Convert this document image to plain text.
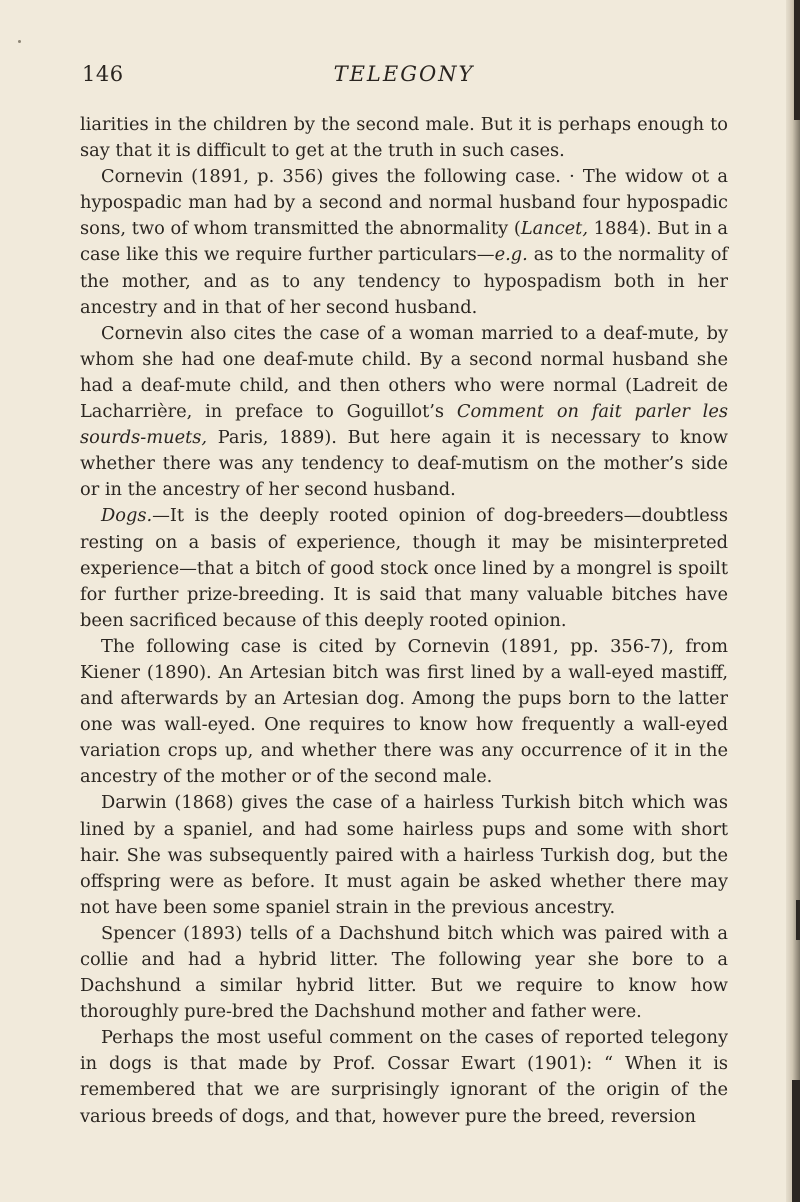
146	TELEGONY

liarities in the children by the second male. But it is perhaps enough to say that it is difficult to get at the truth in such cases.

Cornevin (1891, p. 356) gives the following case. · The widow ot a hypospadic man had by a second and normal husband four hypospadic sons, two of whom transmitted the abnormality (Lancet, 1884). But in a case like this we require further particulars—e.g. as to the normality of the mother, and as to any tendency to hypospadism both in her ancestry and in that of her second husband.

Cornevin also cites the case of a woman married to a deaf-mute, by whom she had one deaf-mute child. By a second normal husband she had a deaf-mute child, and then others who were normal (Ladreit de Lacharrière, in preface to Goguillot’s Comment on fait parler les sourds-muets, Paris, 1889). But here again it is necessary to know whether there was any tendency to deaf-mutism on the mother’s side or in the ancestry of her second husband.

Dogs.—It is the deeply rooted opinion of dog-breeders—doubtless resting on a basis of experience, though it may be misinterpreted experience—that a bitch of good stock once lined by a mongrel is spoilt for further prize-breeding. It is said that many valuable bitches have been sacrificed because of this deeply rooted opinion.

The following case is cited by Cornevin (1891, pp. 356-7), from Kiener (1890). An Artesian bitch was first lined by a wall-eyed mastiff, and afterwards by an Artesian dog. Among the pups born to the latter one was wall-eyed. One requires to know how frequently a wall-eyed variation crops up, and whether there was any occurrence of it in the ancestry of the mother or of the second male.

Darwin (1868) gives the case of a hairless Turkish bitch which was lined by a spaniel, and had some hairless pups and some with short hair. She was subsequently paired with a hairless Turkish dog, but the offspring were as before. It must again be asked whether there may not have been some spaniel strain in the previous ancestry.

Spencer (1893) tells of a Dachshund bitch which was paired with a collie and had a hybrid litter. The following year she bore to a Dachshund a similar hybrid litter. But we require to know how thoroughly pure-bred the Dachshund mother and father were.

Perhaps the most useful comment on the cases of reported telegony in dogs is that made by Prof. Cossar Ewart (1901): “ When it is remembered that we are surprisingly ignorant of the origin of the various breeds of dogs, and that, however pure the breed, reversion
